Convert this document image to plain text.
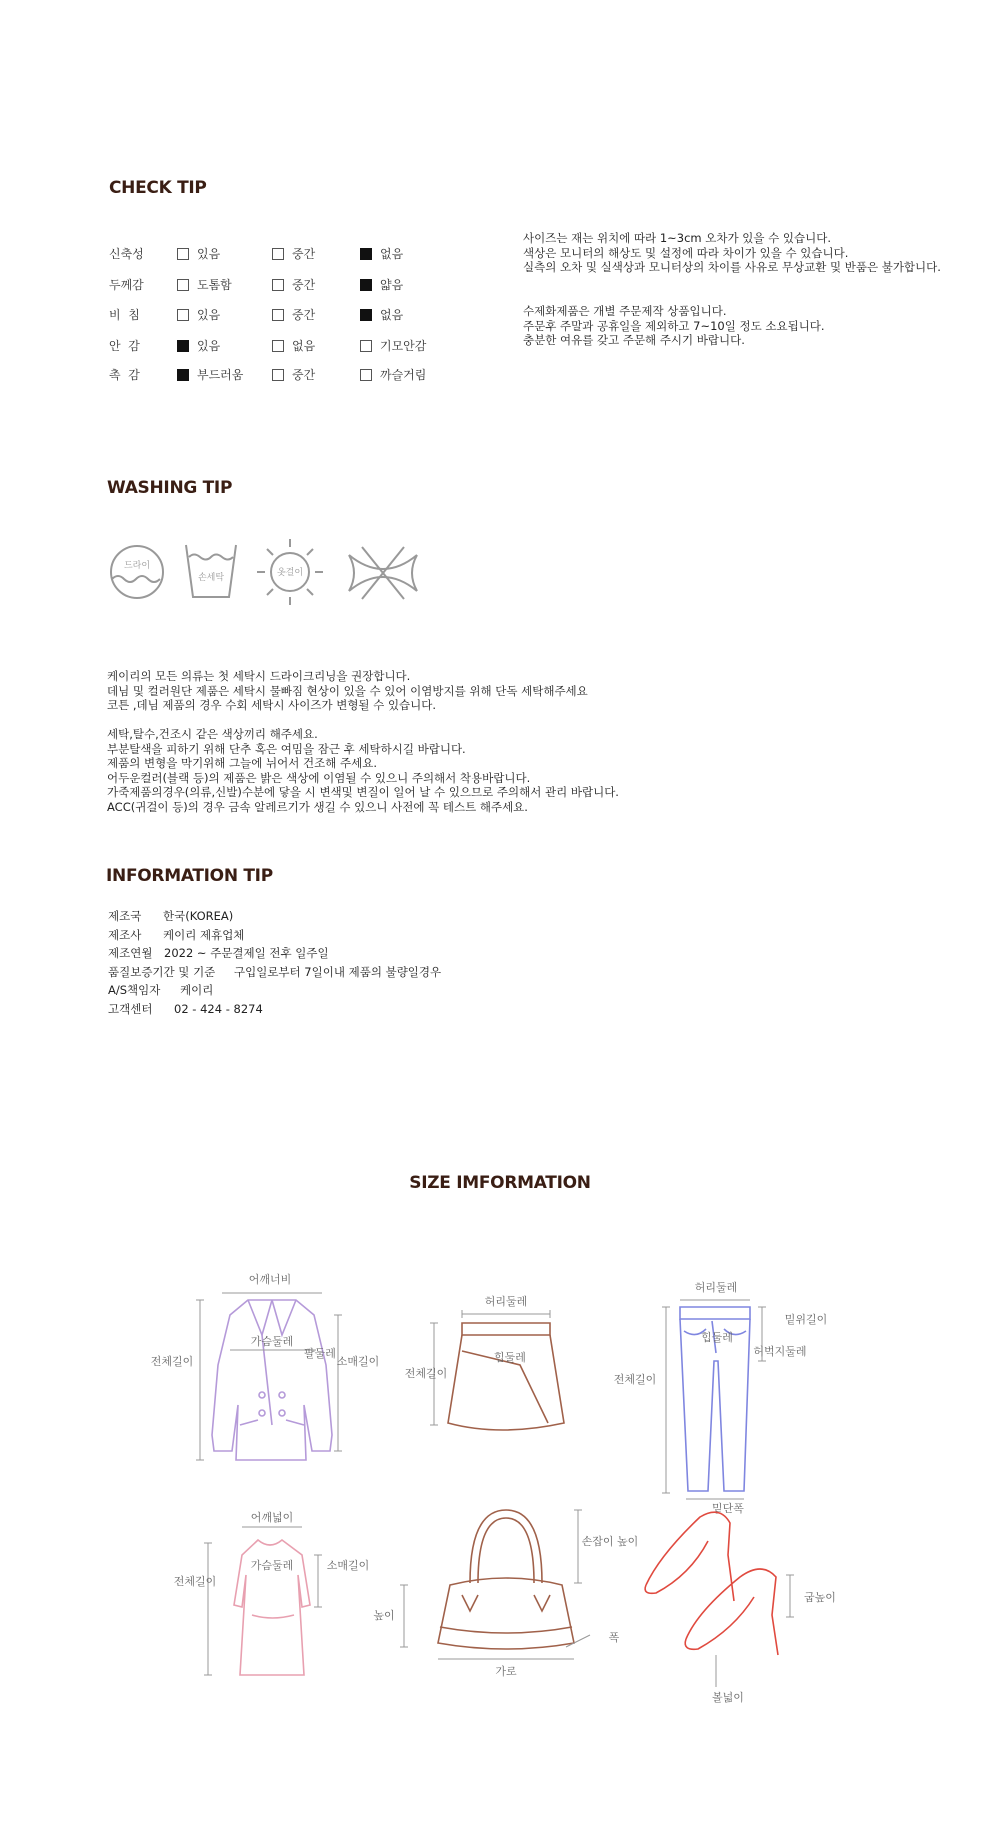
CHECK TIP
신축성	있음	중간	없음
두께감	도톰함	중간	얇음
비  침	있음	중간	없음
안  감	있음	없음	기모안감
촉  감	부드러움	중간	까슬거림
사이즈는 재는 위치에 따라 1~3cm 오차가 있을 수 있습니다.
색상은 모니터의 해상도 및 설정에 따라 차이가 있을 수 있습니다.
실측의 오차 및 실색상과 모니터상의 차이를 사유로 무상교환 및 반품은 불가합니다.
수제화제품은 개별 주문제작 상품입니다.
주문후 주말과 공휴일을 제외하고 7~10일 정도 소요됩니다.
충분한 여유를 갖고 주문해 주시기 바랍니다.
WASHING TIP
드라이
손세탁	옷걸이
케이리의 모든 의류는 첫 세탁시 드라이크리닝을 권장합니다.
데님 및 컬러원단 제품은 세탁시 물빠짐 현상이 있을 수 있어 이염방지를 위해 단독 세탁해주세요
코튼 ,데님 제품의 경우 수회 세탁시 사이즈가 변형될 수 있습니다.
세탁,탈수,건조시 같은 색상끼리 해주세요.
부분탈색을 피하기 위해 단추 혹은 여밈을 잠근 후 세탁하시길 바랍니다.
제품의 변형을 막기위해 그늘에 뉘어서 건조해 주세요.
어두운컬러(블랙 등)의 제품은 밝은 색상에 이염될 수 있으니 주의해서 착용바랍니다.
가죽제품의경우(의류,신발)수분에 닿을 시 변색및 변질이 일어 날 수 있으므로 주의해서 관리 바랍니다.
ACC(귀걸이 등)의 경우 금속 알레르기가 생길 수 있으니 사전에 꼭 테스트 해주세요.
INFORMATION TIP
제조국 한국(KOREA)
제조사 케이리 제휴업체
제조연월 2022 ~ 주문결제일 전후 일주일
품질보증기간 및 기준 구입일로부터 7일이내 제품의 불량일경우
A/S책임자 케이리
고객센터 02 - 424 - 8274
SIZE IMFORMATION
어깨너비
가슴둘레
팔둘레
전체길이	소매길이
허리둘레
힙둘레
전체길이
허리둘레
힙둘레
밑위길이
허벅지둘레
전체길이
밑단폭
어깨넓이
가슴둘레
전체길이
소매길이
손잡이 높이
높이
가로
폭
굽높이
볼넓이
